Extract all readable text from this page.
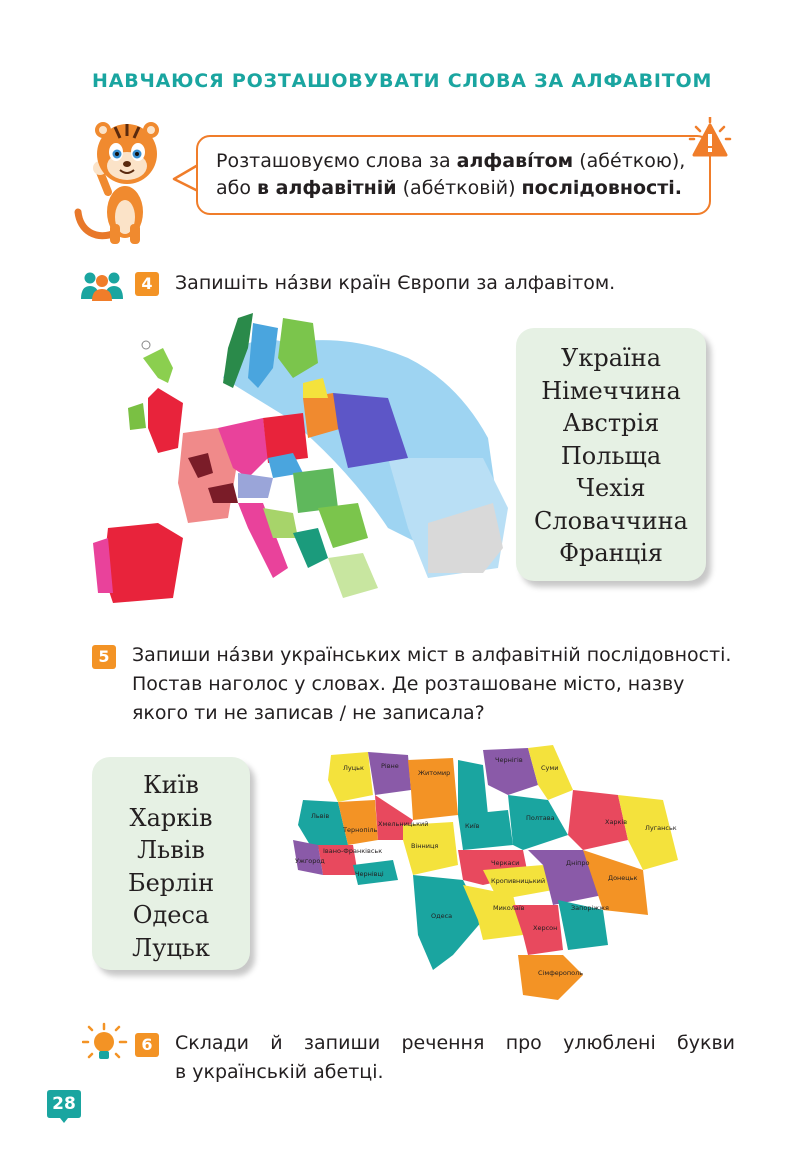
НАВЧАЮСЯ РОЗТАШОВУВАТИ СЛОВА ЗА АЛФАВІТОМ
Розташовуємо слова за алфаві́том (абе́ткою),
або в алфавітній (абе́тковій) послідовності.
4	Запишіть на́зви країн Європи за алфавітом.
Україна
Німеччина
Австрія
Польща
Чехія
Словаччина
Франція
5	Запиши на́зви українських міст в алфавітній послідовності.
Постав наголос у словах. Де розташоване місто, назву
якого ти не записав / не записала?
Київ
Харків
Львів
Берлін
Одеса
Луцьк
Луцьк	Рівне
Житомир
Чернігів
Суми
Львів
Тернопіль
Хмельницький	Київ
Полтава	Харків
Луганськ
Івано-Франківськ
Ужгород
Чернівці
Вінниця
Черкаси
Кропивницький
Дніпро
Донецьк
Одеса
Миколаїв	Запоріжжя
Херсон
Сімферополь
6	Склади й запиши речення про улюблені букви
в українській абетці.
28
